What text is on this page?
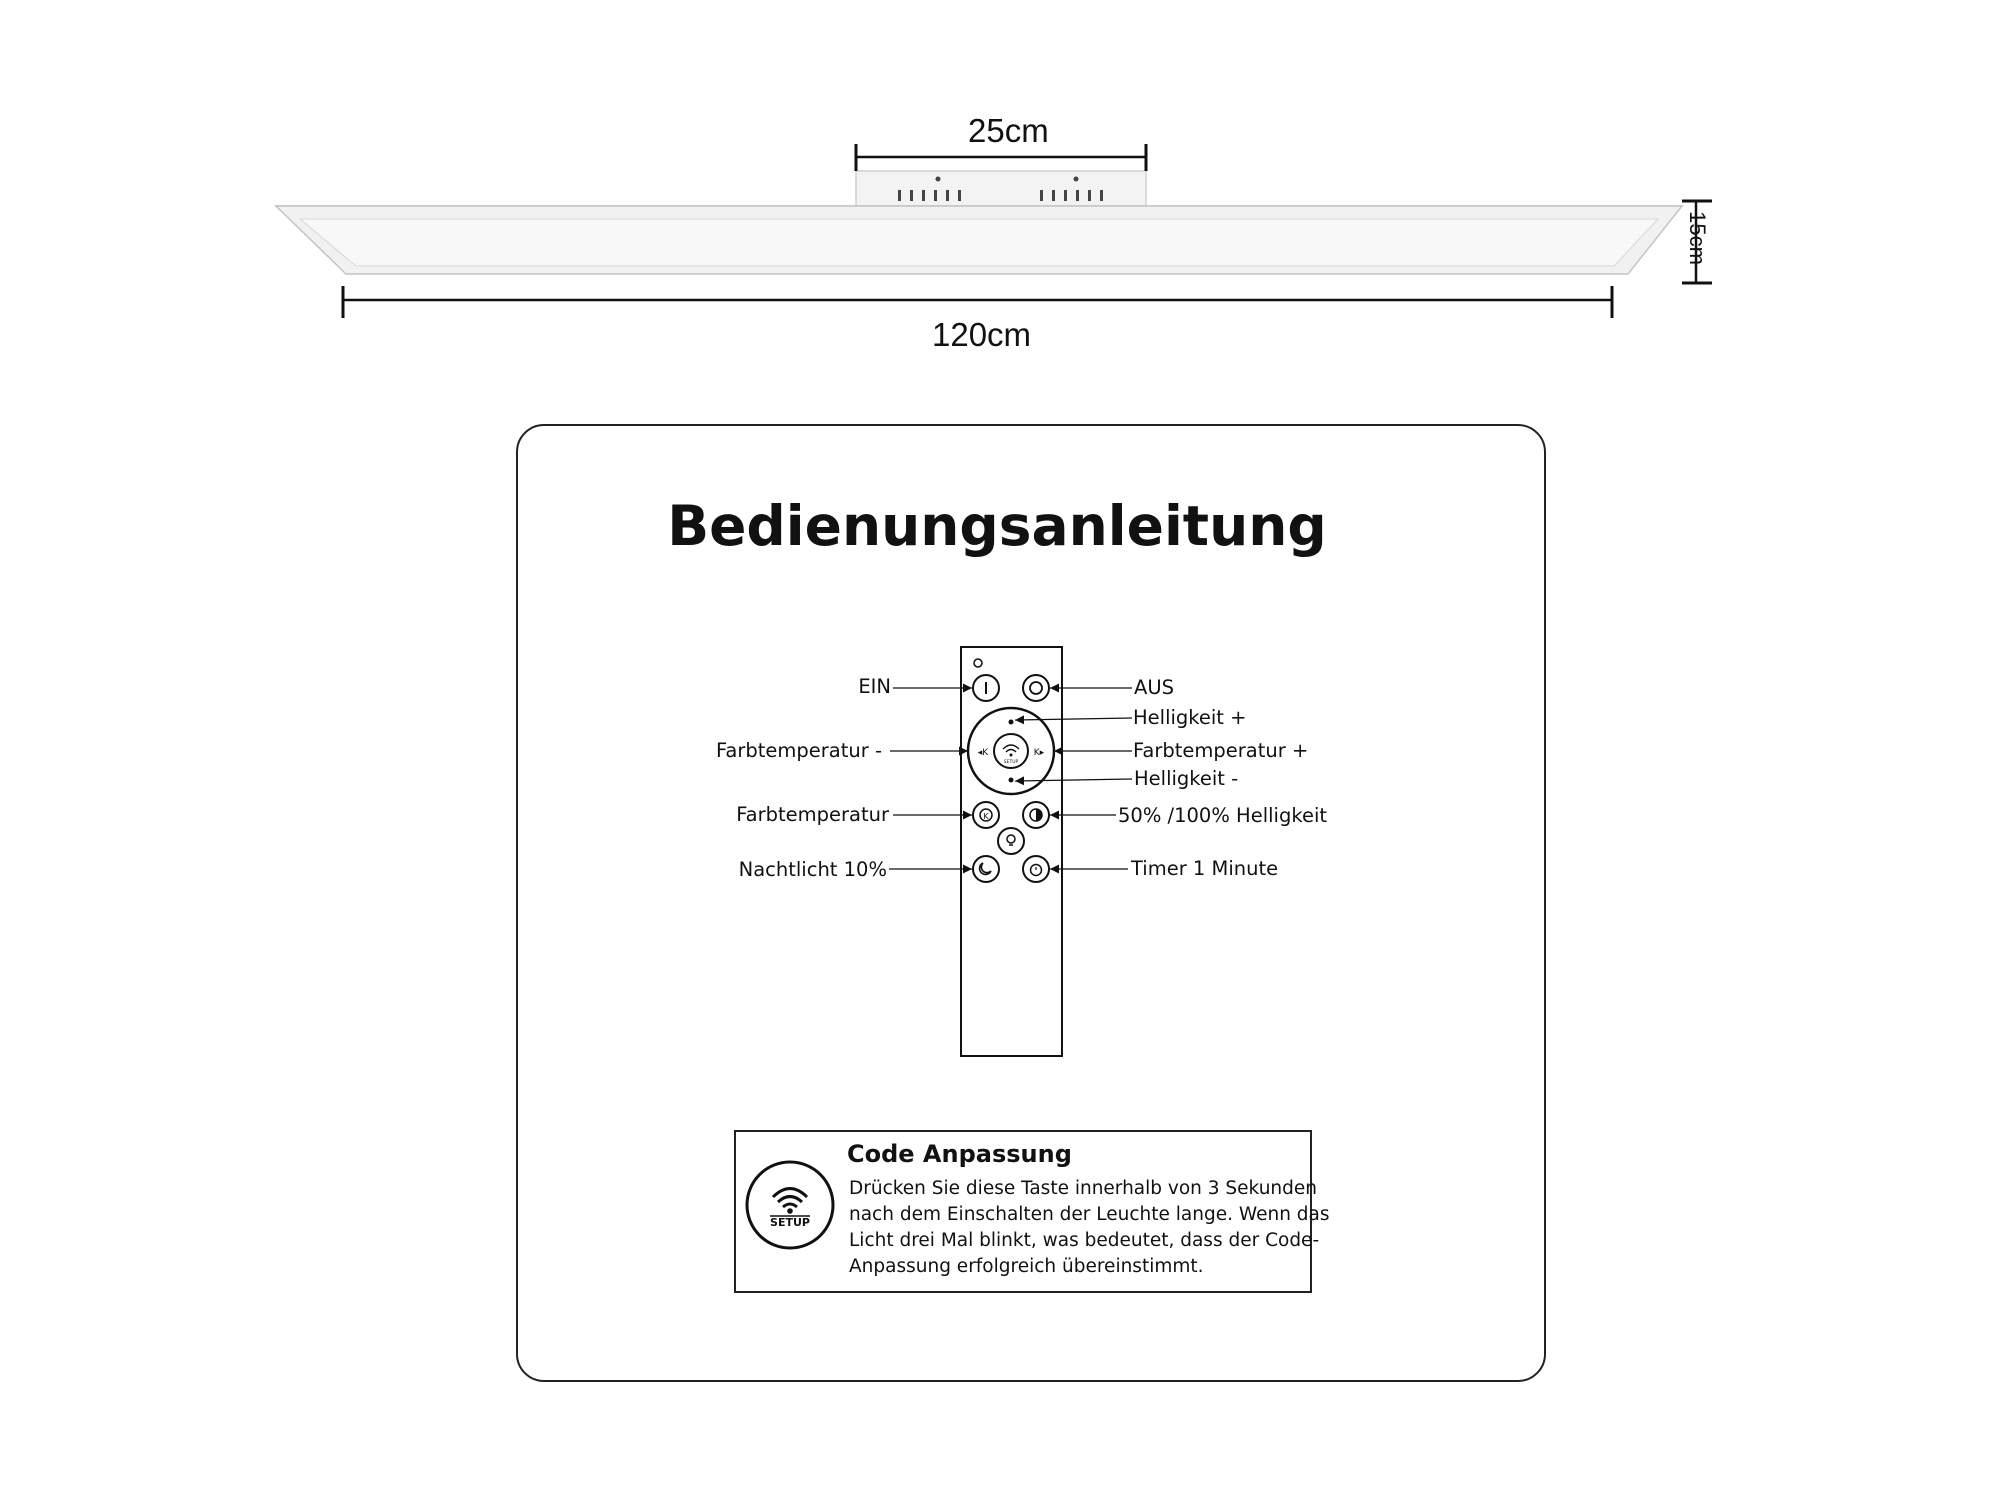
25cm
120cm
15cm
Bedienungsanleitung
SETUP
◂K	K▸
K
EIN	AUS
Helligkeit +
Farbtemperatur -	Farbtemperatur +
Helligkeit -
Farbtemperatur	50% /100% Helligkeit
Nachtlicht 10%	Timer 1 Minute
SETUP
Code Anpassung
Drücken Sie diese Taste innerhalb von 3 Sekunden
nach dem Einschalten der Leuchte lange. Wenn das
Licht drei Mal blinkt, was bedeutet, dass der Code-
Anpassung erfolgreich übereinstimmt.
